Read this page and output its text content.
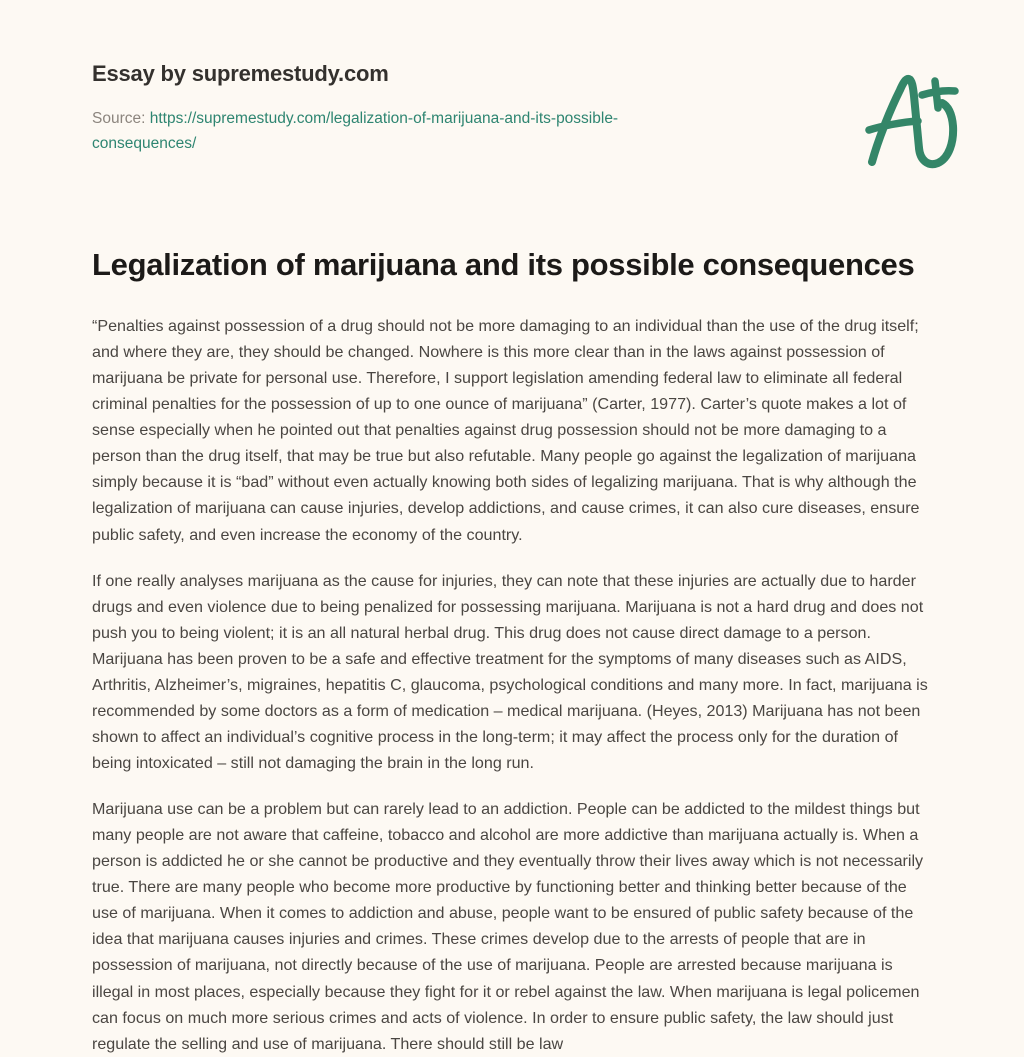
Essay by supremestudy.com
Source: https://supremestudy.com/legalization-of-marijuana-and-its-possible-consequences/
Legalization of marijuana and its possible consequences

“Penalties against possession of a drug should not be more damaging to an individual than the use of the drug itself; and where they are, they should be changed. Nowhere is this more clear than in the laws against possession of marijuana be private for personal use. Therefore, I support legislation amending federal law to eliminate all federal criminal penalties for the possession of up to one ounce of marijuana” (Carter, 1977). Carter’s quote makes a lot of sense especially when he pointed out that penalties against drug possession should not be more damaging to a person than the drug itself, that may be true but also refutable. Many people go against the legalization of marijuana simply because it is “bad” without even actually knowing both sides of legalizing marijuana. That is why although the legalization of marijuana can cause injuries, develop addictions, and cause crimes, it can also cure diseases, ensure public safety, and even increase the economy of the country.

If one really analyses marijuana as the cause for injuries, they can note that these injuries are actually due to harder drugs and even violence due to being penalized for possessing marijuana. Marijuana is not a hard drug and does not push you to being violent; it is an all natural herbal drug. This drug does not cause direct damage to a person. Marijuana has been proven to be a safe and effective treatment for the symptoms of many diseases such as AIDS, Arthritis, Alzheimer’s, migraines, hepatitis C, glaucoma, psychological conditions and many more. In fact, marijuana is recommended by some doctors as a form of medication – medical marijuana. (Heyes, 2013) Marijuana has not been shown to affect an individual’s cognitive process in the long-term; it may affect the process only for the duration of being intoxicated – still not damaging the brain in the long run.

Marijuana use can be a problem but can rarely lead to an addiction. People can be addicted to the mildest things but many people are not aware that caffeine, tobacco and alcohol are more addictive than marijuana actually is. When a person is addicted he or she cannot be productive and they eventually throw their lives away which is not necessarily true. There are many people who become more productive by functioning better and thinking better because of the use of marijuana. When it comes to addiction and abuse, people want to be ensured of public safety because of the idea that marijuana causes injuries and crimes. These crimes develop due to the arrests of people that are in possession of marijuana, not directly because of the use of marijuana. People are arrested because marijuana is illegal in most places, especially because they fight for it or rebel against the law. When marijuana is legal policemen can focus on much more serious crimes and acts of violence. In order to ensure public safety, the law should just regulate the selling and use of marijuana. There should still be law
